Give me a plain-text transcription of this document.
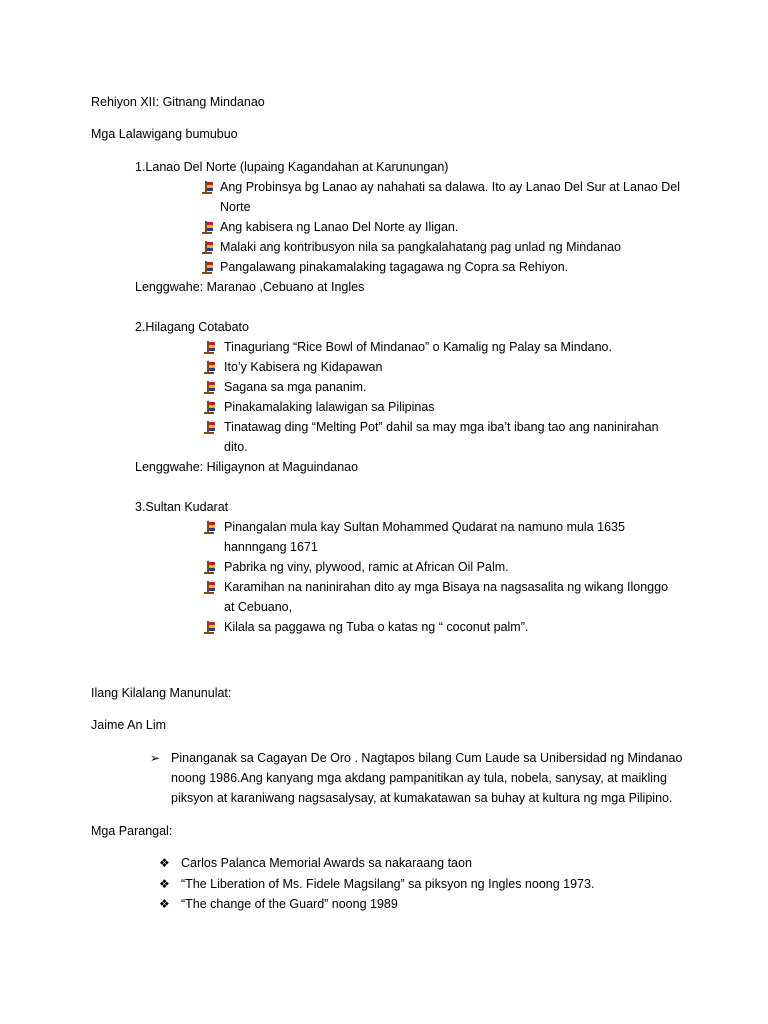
Rehiyon XII: Gitnang Mindanao
Mga Lalawigang bumubuo
1.Lanao Del Norte (lupaing Kagandahan at Karunungan)
Ang Probinsya bg Lanao ay nahahati sa dalawa. Ito ay Lanao Del Sur at Lanao Del
Norte
Ang kabisera ng Lanao Del Norte ay Iligan.
Malaki ang kontribusyon nila sa pangkalahatang pag unlad ng Mindanao
Pangalawang pinakamalaking tagagawa ng Copra sa Rehiyon.
Lenggwahe: Maranao ,Cebuano at Ingles
2.Hilagang Cotabato
Tinaguriang “Rice Bowl of Mindanao” o Kamalig ng Palay sa Mindano.
Ito’y Kabisera ng Kidapawan
Sagana sa mga pananim.
Pinakamalaking lalawigan sa Pilipinas
Tinatawag ding “Melting Pot” dahil sa may mga iba’t ibang tao ang naninirahan
dito.
Lenggwahe: Hiligaynon at Maguindanao
3.Sultan Kudarat
Pinangalan mula kay Sultan Mohammed Qudarat na namuno mula 1635
hannngang 1671
Pabrika ng viny, plywood, ramic at African Oil Palm.
Karamihan na naninirahan dito ay mga Bisaya na nagsasalita ng wikang Ilonggo
at Cebuano,
Kilala sa paggawa ng Tuba o katas ng “ coconut palm”.
Ilang Kilalang Manunulat:
Jaime An Lim
➢ Pinanganak sa Cagayan De Oro . Nagtapos bilang Cum Laude sa Unibersidad ng Mindanao
noong 1986.Ang kanyang mga akdang pampanitikan ay tula, nobela, sanysay, at maikling
piksyon at karaniwang nagsasalysay, at kumakatawan sa buhay at kultura ng mga Pilipino.
Mga Parangal:
❖ Carlos Palanca Memorial Awards sa nakaraang taon
❖ “The Liberation of Ms. Fidele Magsilang” sa piksyon ng Ingles noong 1973.
❖ “The change of the Guard” noong 1989
